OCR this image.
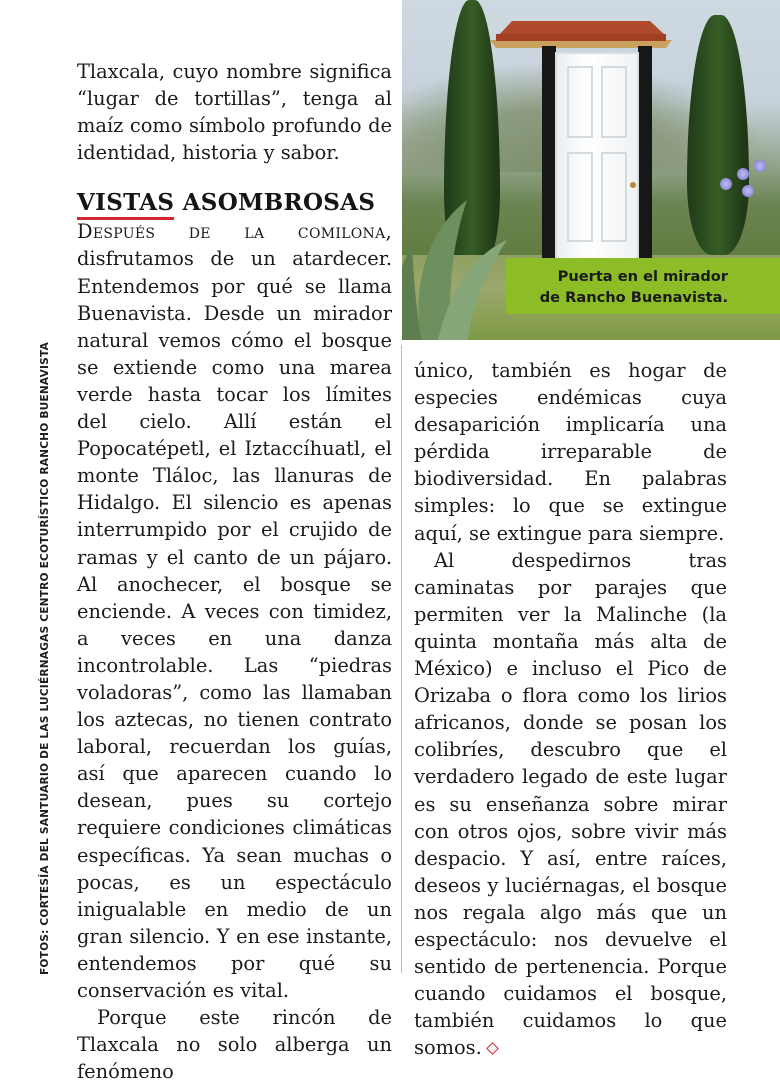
FOTOS: CORTESÍA DEL SANTUARIO DE LAS LUCIÉRNAGAS CENTRO ECOTURÍSTICO RANCHO BUENAVISTA
Puerta en el mirador
de Rancho Buenavista.

Tlaxcala, cuyo nombre significa “lugar de tortillas”, tenga al maíz como símbolo profundo de identidad, historia y sabor.

VISTAS ASOMBROSAS

Después de la comilona, disfrutamos de un atardecer. Entendemos por qué se llama Buenavista. Desde un mirador natural vemos cómo el bosque se extiende como una marea verde hasta tocar los límites del cielo. Allí están el Popocatépetl, el Iztaccíhuatl, el monte Tláloc, las llanuras de Hidalgo. El silencio es apenas interrumpido por el crujido de ramas y el canto de un pájaro. Al anochecer, el bosque se enciende. A veces con timidez, a veces en una danza incontrolable. Las “piedras voladoras”, como las llamaban los aztecas, no tienen contrato laboral, recuerdan los guías, así que aparecen cuando lo desean, pues su cortejo requiere condiciones climáticas específicas. Ya sean muchas o pocas, es un espectáculo inigualable en medio de un gran silencio. Y en ese instante, entendemos por qué su conservación es vital.

Porque este rincón de Tlaxcala no solo alberga un fenómeno

único, también es hogar de especies endémicas cuya desaparición implicaría una pérdida irreparable de biodiversidad. En palabras simples: lo que se extingue aquí, se extingue para siempre.

Al despedirnos tras caminatas por parajes que permiten ver la Malinche (la quinta montaña más alta de México) e incluso el Pico de Orizaba o flora como los lirios africanos, donde se posan los colibríes, descubro que el verdadero legado de este lugar es su enseñanza sobre mirar con otros ojos, sobre vivir más despacio. Y así, entre raíces, deseos y luciérnagas, el bosque nos regala algo más que un espectáculo: nos devuelve el sentido de pertenencia. Porque cuando cuidamos el bosque, también cuidamos lo que somos.
